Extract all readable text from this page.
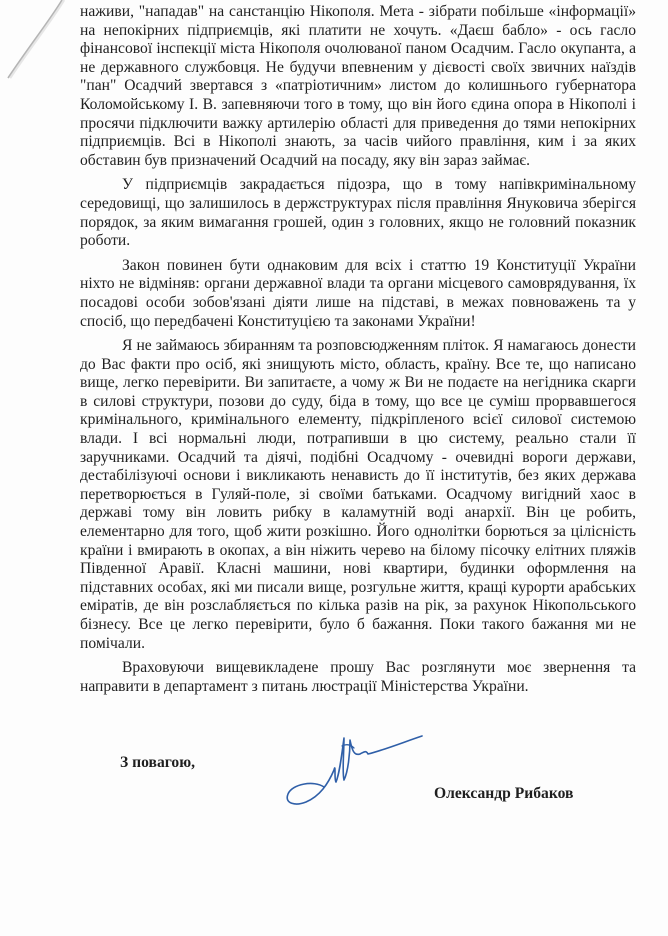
наживи, "нападав" на санстанцію Нікополя. Мета - зібрати побільше «інформації» на непокірних підприємців, які платити не хочуть. «Даєш бабло» - ось гасло фінансової інспекції міста Нікополя очолюваної паном Осадчим. Гасло окупанта, а не державного службовця. Не будучи впевненим у дієвості своїх звичних наїздів "пан" Осадчий звертався з «патріотичним» листом до колишнього губернатора Коломойському І. В. запевняючи того в тому, що він його єдина опора в Нікополі і просячи підключити важку артилерію області для приведення до тями непокірних підприємців. Всі в Нікополі знають, за часів чийого правління, ким і за яких обставин був призначений Осадчий на посаду, яку він зараз займає.

У підприємців закрадається підозра, що в тому напівкримінальному середовищі, що залишилось в держструктурах після правління Януковича зберігся порядок, за яким вимагання грошей, один з головних, якщо не головний показник роботи.

Закон повинен бути однаковим для всіх і статтю 19 Конституції України ніхто не відміняв: органи державної влади та органи місцевого самоврядування, їх посадові особи зобов'язані діяти лише на підставі, в межах повноважень та у спосіб, що передбачені Конституцією та законами України!

Я не займаюсь збиранням та розповсюдженням пліток. Я намагаюсь донести до Вас факти про осіб, які знищують місто, область, країну. Все те, що написано вище, легко перевірити. Ви запитаєте, а чому ж Ви не подаєте на негідника скарги в силові структури, позови до суду, біда в тому, що все це суміш прорвавшегося кримінального, кримінального елементу, підкріпленого всієї силової системою влади. І всі нормальні люди, потрапивши в цю систему, реально стали її заручниками. Осадчий та діячі, подібні Осадчому - очевидні вороги держави, дестабілізуючі основи і викликають ненависть до її інститутів, без яких держава перетворюється в Гуляй-поле, зі своїми батьками. Осадчому вигідний хаос в державі тому він ловить рибку в каламутній воді анархії. Він це робить, елементарно для того, щоб жити розкішно. Його однолітки борються за цілісність країни і вмирають в окопах, а він ніжить черево на білому пісочку елітних пляжів Південної Аравії. Класні машини, нові квартири, будинки оформлення на підставних особах, які ми писали вище, розгульне життя, кращі курорти арабських еміратів, де він розслабляється по кілька разів на рік, за рахунок Нікопольського бізнесу. Все це легко перевірити, було б бажання. Поки такого бажання ми не помічали.

Враховуючи вищевикладене прошу Вас розглянути моє звернення та направити в департамент з питань люстрації Міністерства України.

З повагою,
Олександр Рибаков
